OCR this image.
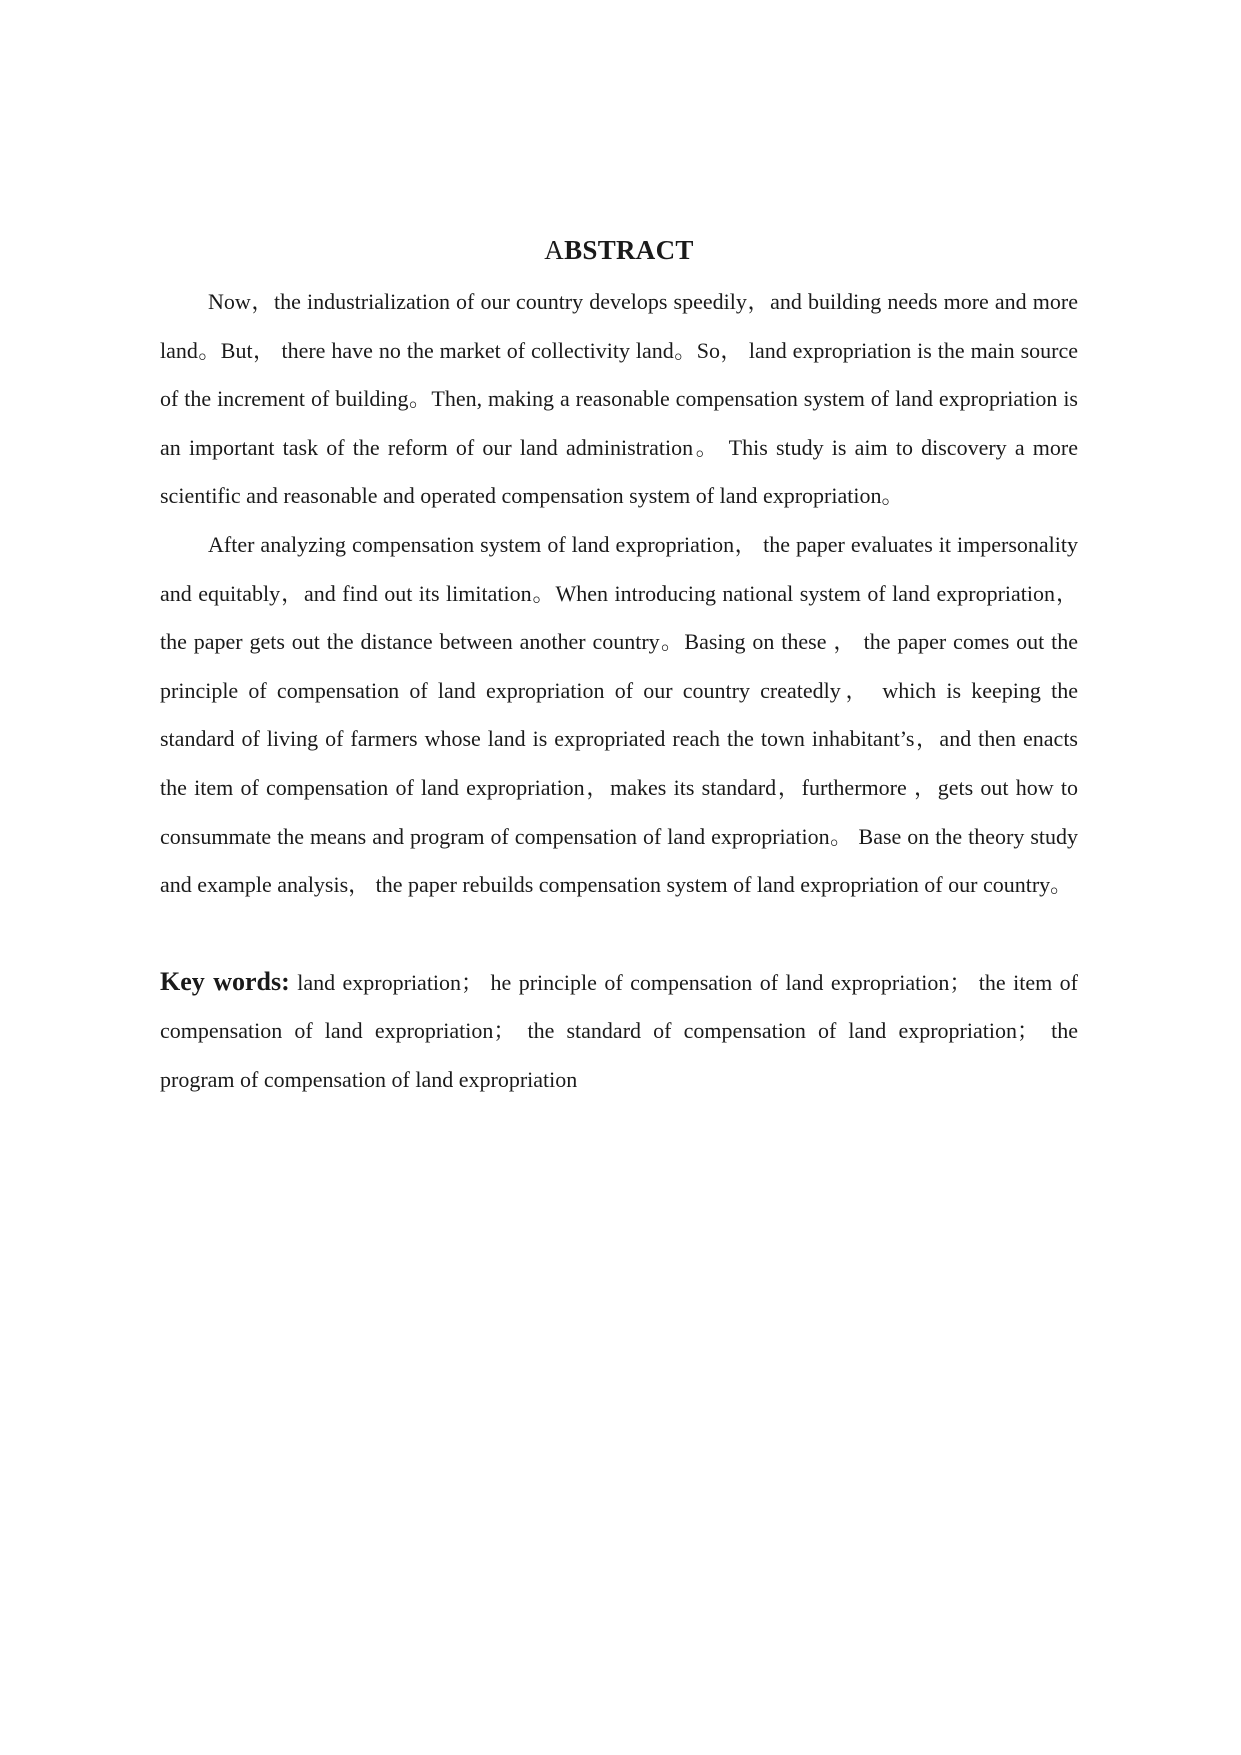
ABSTRACT

Now，the industrialization of our country develops speedily，and building needs more and more land。But， there have no the market of collectivity land。So， land expropriation is the main source of the increment of building。Then, making a reasonable compensation system of land expropriation is an important task of the reform of our land administration。 This study is aim to discovery a more scientific and reasonable and operated compensation system of land expropriation。

After analyzing compensation system of land expropriation， the paper evaluates it impersonality and equitably，and find out its limitation。When introducing national system of land expropriation，the paper gets out the distance between another country。Basing on these ， the paper comes out the principle of compensation of land expropriation of our country createdly， which is keeping the standard of living of farmers whose land is expropriated reach the town inhabitant’s，and then enacts the item of compensation of land expropriation，makes its standard，furthermore ，gets out how to consummate the means and program of compensation of land expropriation。 Base on the theory study and example analysis， the paper rebuilds compensation system of land expropriation of our country。

Key words: land expropriation； he principle of compensation of land expropriation； the item of compensation of land expropriation； the standard of compensation of land expropriation； the program of compensation of land expropriation
